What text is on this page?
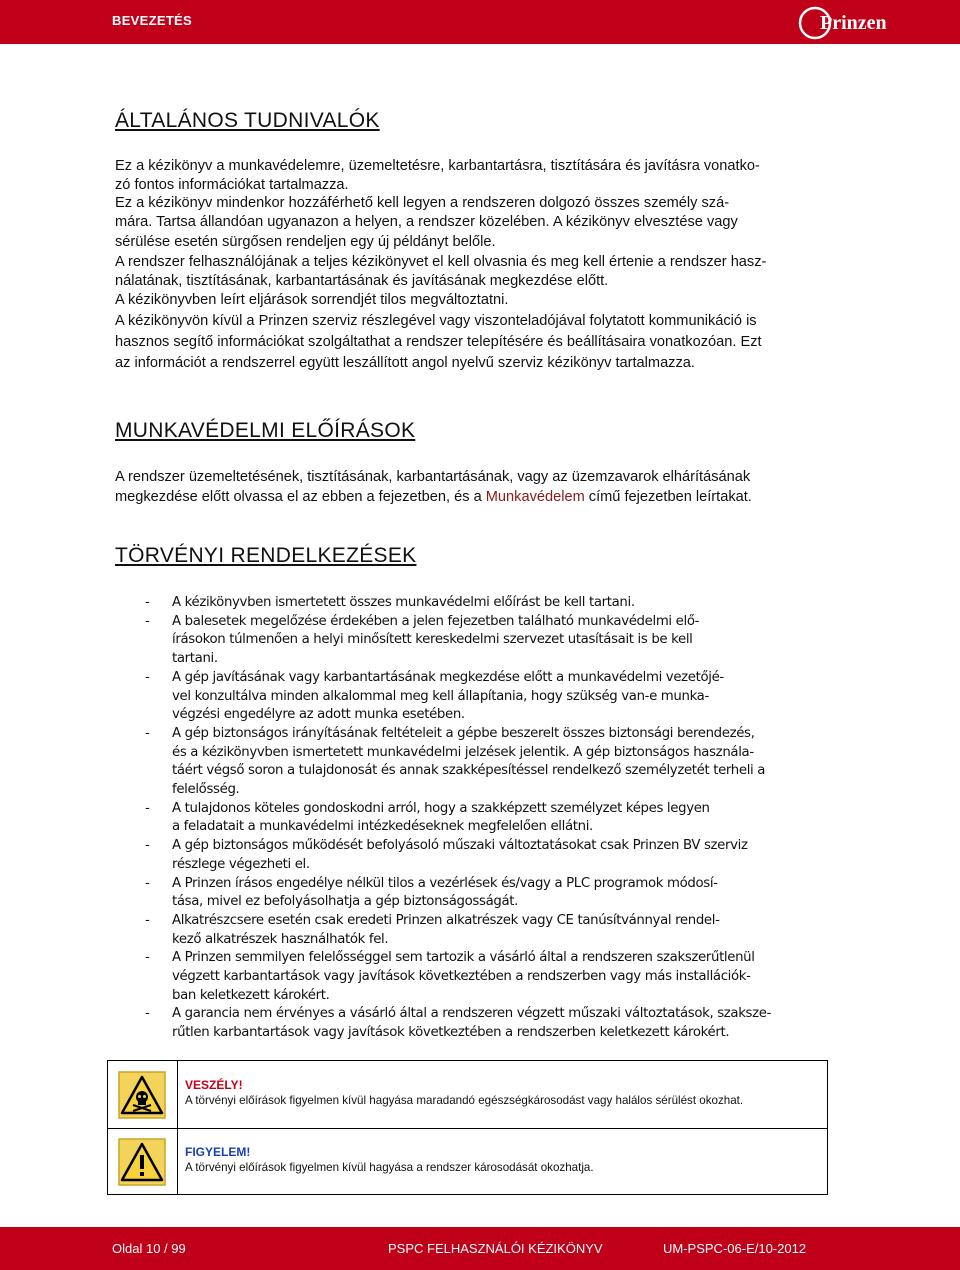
BEVEZETÉS	Prinzen
ÁLTALÁNOS TUDNIVALÓK

Ez a kézikönyv a munkavédelemre, üzemeltetésre, karbantartásra, tisztítására és javításra vonatko-

zó fontos információkat tartalmazza.

Ez a kézikönyv mindenkor hozzáférhető kell legyen a rendszeren dolgozó összes személy szá-

mára. Tartsa állandóan ugyanazon a helyen, a rendszer közelében. A kézikönyv elvesztése vagy

sérülése esetén sürgősen rendeljen egy új példányt belőle.

A rendszer felhasználójának a teljes kézikönyvet el kell olvasnia és meg kell értenie a rendszer hasz-

nálatának, tisztításának, karbantartásának és javításának megkezdése előtt.

A kézikönyvben leírt eljárások sorrendjét tilos megváltoztatni.

A kézikönyvön kívül a Prinzen szerviz részlegével vagy viszonteladójával folytatott kommunikáció is

hasznos segítő információkat szolgáltathat a rendszer telepítésére és beállításaira vonatkozóan. Ezt

az információt a rendszerrel együtt leszállított angol nyelvű szerviz kézikönyv tartalmazza.

MUNKAVÉDELMI ELŐÍRÁSOK

A rendszer üzemeltetésének, tisztításának, karbantartásának, vagy az üzemzavarok elhárításának

megkezdése előtt olvassa el az ebben a fejezetben, és a Munkavédelem című fejezetben leírtakat.

TÖRVÉNYI RENDELKEZÉSEK
- A kézikönyvben ismertetett összes munkavédelmi előírást be kell tartani.
- A balesetek megelőzése érdekében a jelen fejezetben található munkavédelmi elő-
írásokon túlmenően a helyi minősített kereskedelmi szervezet utasításait is be kell
tartani.
- A gép javításának vagy karbantartásának megkezdése előtt a munkavédelmi vezetőjé-
vel konzultálva minden alkalommal meg kell állapítania, hogy szükség van-e munka-
végzési engedélyre az adott munka esetében.
- A gép biztonságos irányításának feltételeit a gépbe beszerelt összes biztonsági berendezés,
és a kézikönyvben ismertetett munkavédelmi jelzések jelentik. A gép biztonságos használa-
táért végső soron a tulajdonosát és annak szakképesítéssel rendelkező személyzetét terheli a
felelősség.
- A tulajdonos köteles gondoskodni arról, hogy a szakképzett személyzet képes legyen
a feladatait a munkavédelmi intézkedéseknek megfelelően ellátni.
- A gép biztonságos működését befolyásoló műszaki változtatásokat csak Prinzen BV szerviz
részlege végezheti el.
- A Prinzen írásos engedélye nélkül tilos a vezérlések és/vagy a PLC programok módosí-
tása, mivel ez befolyásolhatja a gép biztonságosságát.
- Alkatrészcsere esetén csak eredeti Prinzen alkatrészek vagy CE tanúsítvánnyal rendel-
kező alkatrészek használhatók fel.
- A Prinzen semmilyen felelősséggel sem tartozik a vásárló által a rendszeren szakszerűtlenül
végzett karbantartások vagy javítások következtében a rendszerben vagy más installációk-
ban keletkezett károkért.
- A garancia nem érvényes a vásárló által a rendszeren végzett műszaki változtatások, szaksze-
rűtlen karbantartások vagy javítások következtében a rendszerben keletkezett károkért.
VESZÉLY!
A törvényi előírások figyelmen kívül hagyása maradandó egészségkárosodást vagy halálos sérülést okozhat.
FIGYELEM!
A törvényi előírások figyelmen kívül hagyása a rendszer károsodását okozhatja.
Oldal 10 / 99	PSPC FELHASZNÁLÓI KÉZIKÖNYV	UM-PSPC-06-E/10-2012
